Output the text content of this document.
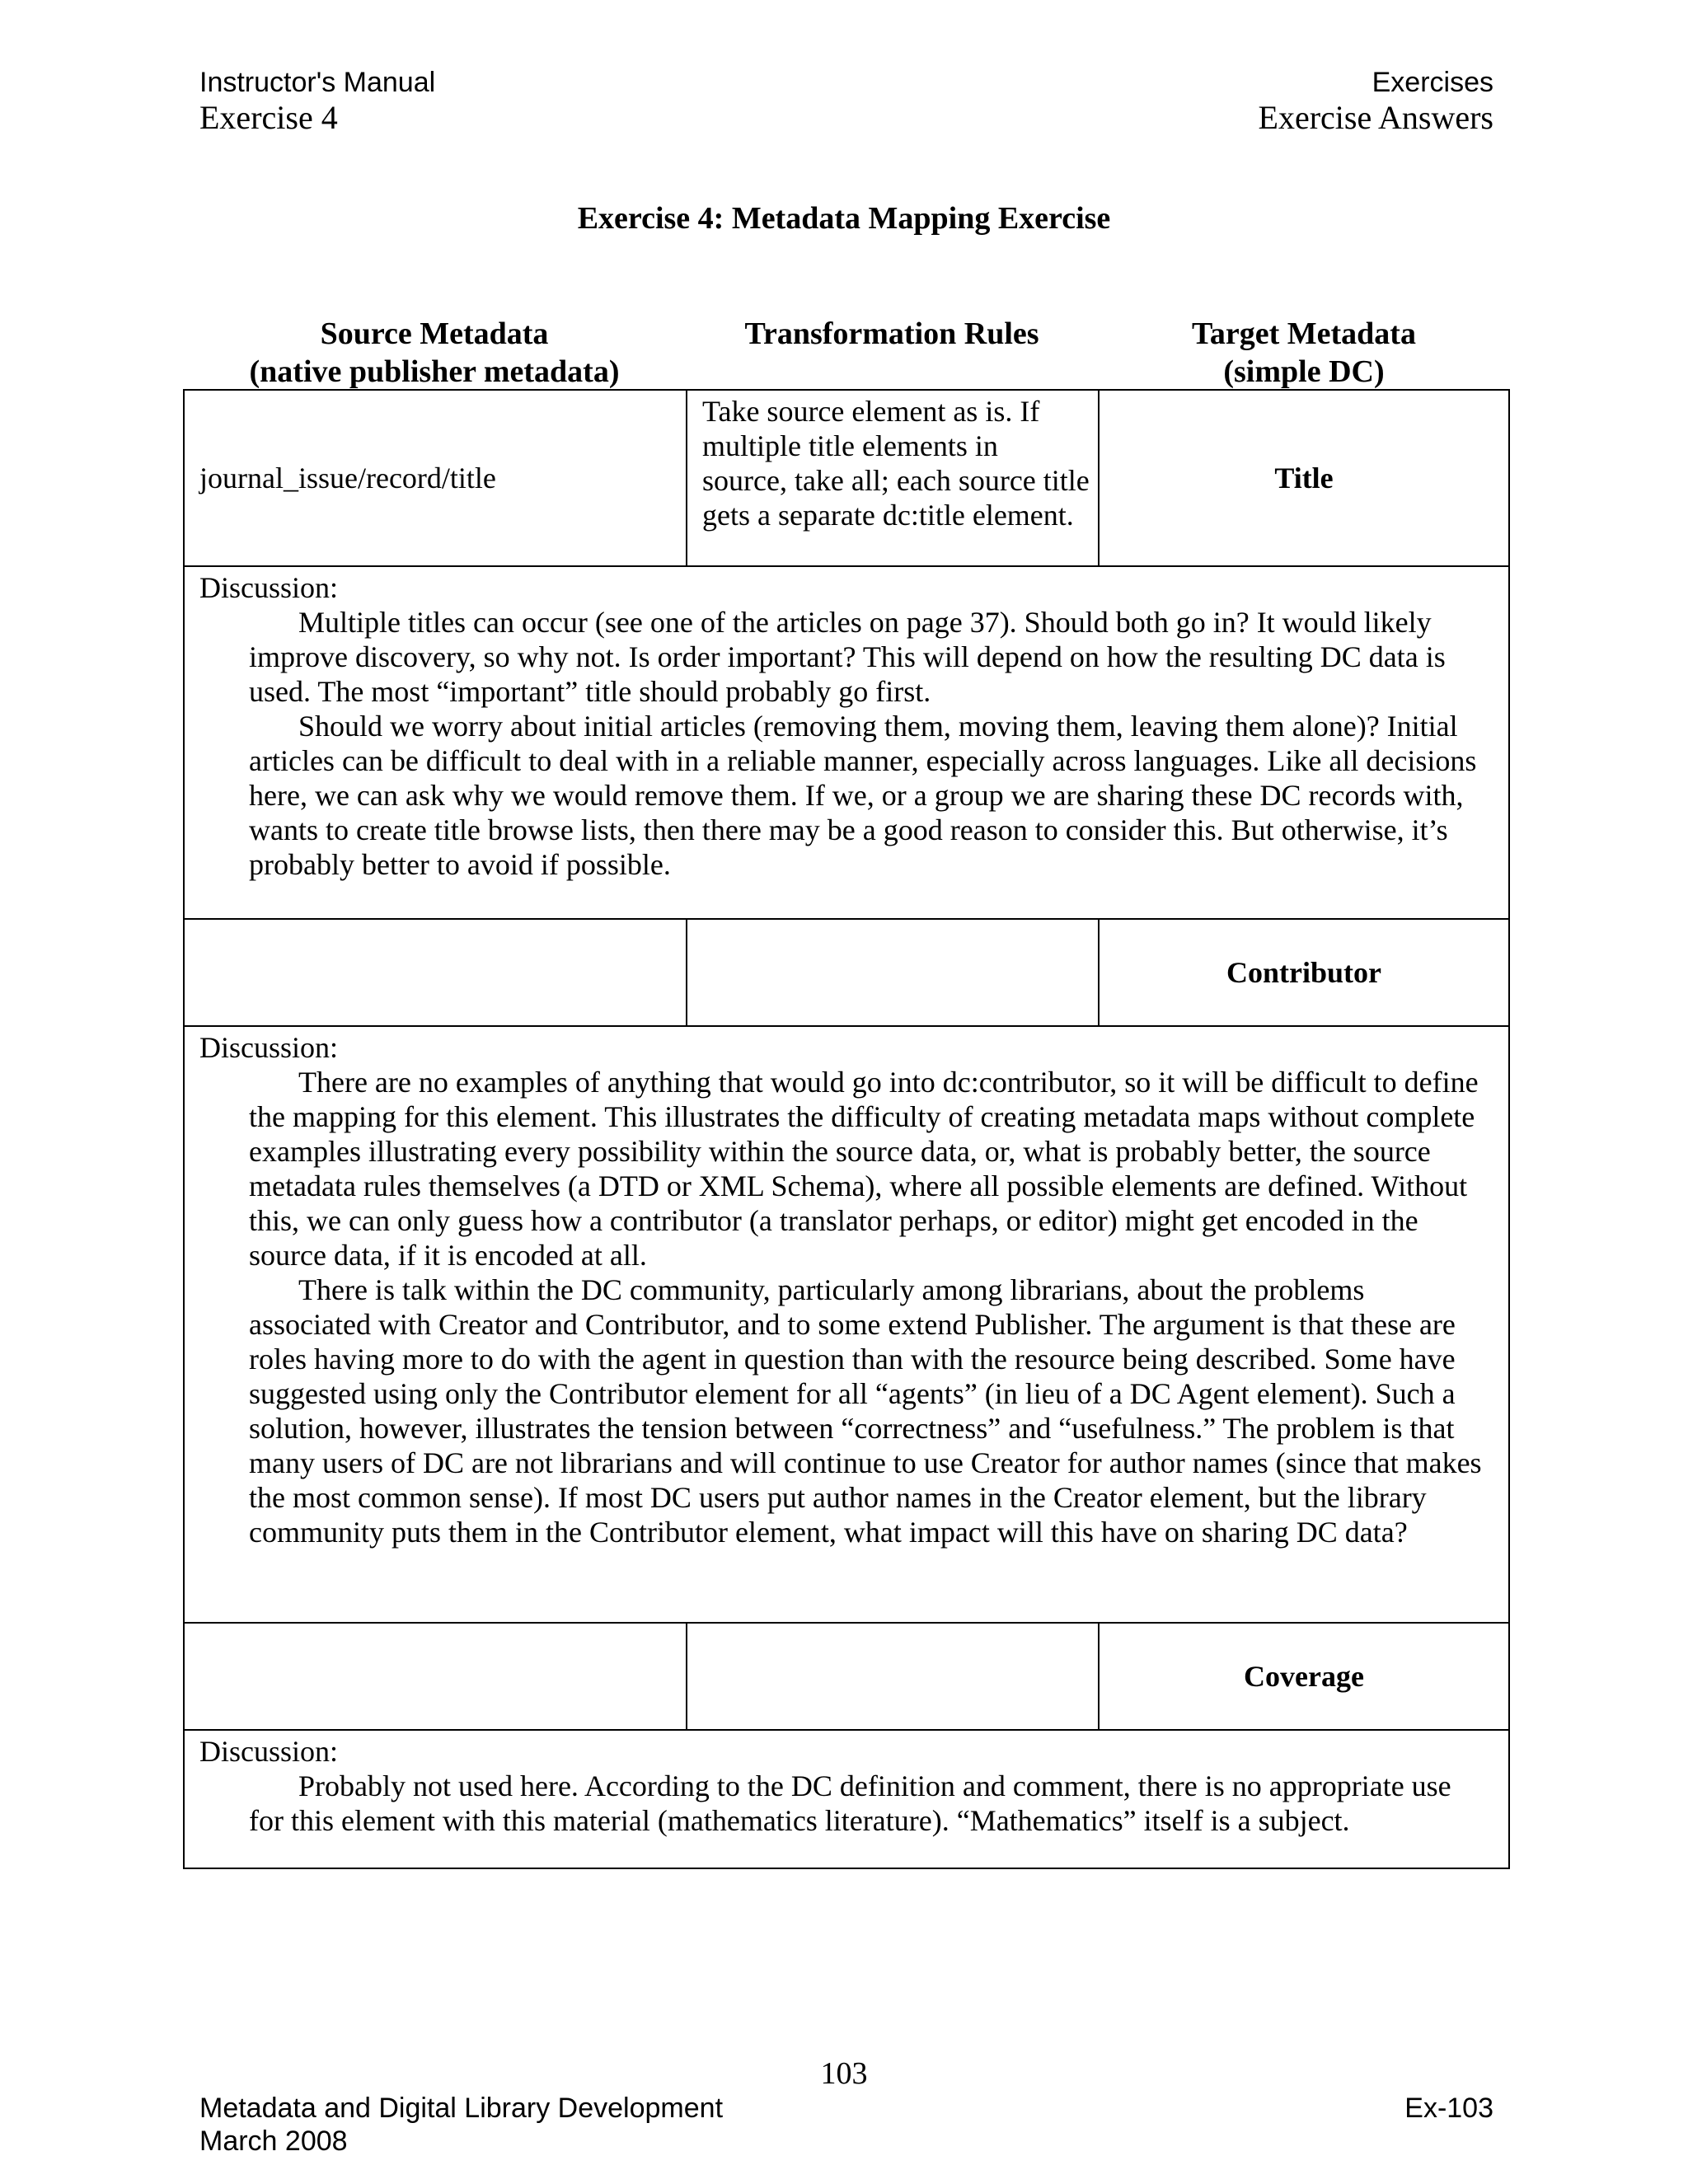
Instructor's Manual
Exercise 4
Exercises
Exercise Answers
Exercise 4: Metadata Mapping Exercise
Source Metadata
(native publisher metadata)
Transformation Rules	Target Metadata
(simple DC)
journal_issue/record/title
Take source element as is. If multiple title elements in source, take all; each source title gets a separate dc:title element.
Title
Discussion:

Multiple titles can occur (see one of the articles on page 37). Should both go in? It would likely improve discovery, so why not. Is order important? This will depend on how the resulting DC data is used. The most “important” title should probably go first.

Should we worry about initial articles (removing them, moving them, leaving them alone)? Initial articles can be difficult to deal with in a reliable manner, especially across languages. Like all decisions here, we can ask why we would remove them. If we, or a group we are sharing these DC records with, wants to create title browse lists, then there may be a good reason to consider this. But otherwise, it’s probably better to avoid if possible.

Contributor
Discussion:

There are no examples of anything that would go into dc:contributor, so it will be difficult to define the mapping for this element. This illustrates the difficulty of creating metadata maps without complete examples illustrating every possibility within the source data, or, what is probably better, the source metadata rules themselves (a DTD or XML Schema), where all possible elements are defined. Without this, we can only guess how a contributor (a translator perhaps, or editor) might get encoded in the source data, if it is encoded at all.

There is talk within the DC community, particularly among librarians, about the problems associated with Creator and Contributor, and to some extend Publisher. The argument is that these are roles having more to do with the agent in question than with the resource being described. Some have suggested using only the Contributor element for all “agents” (in lieu of a DC Agent element). Such a solution, however, illustrates the tension between “correctness” and “usefulness.” The problem is that many users of DC are not librarians and will continue to use Creator for author names (since that makes the most common sense). If most DC users put author names in the Creator element, but the library community puts them in the Contributor element, what impact will this have on sharing DC data?

Coverage
Discussion:

Probably not used here. According to the DC definition and comment, there is no appropriate use for this element with this material (mathematics literature). “Mathematics” itself is a subject.

103
Metadata and Digital Library Development
March 2008
Ex-103
